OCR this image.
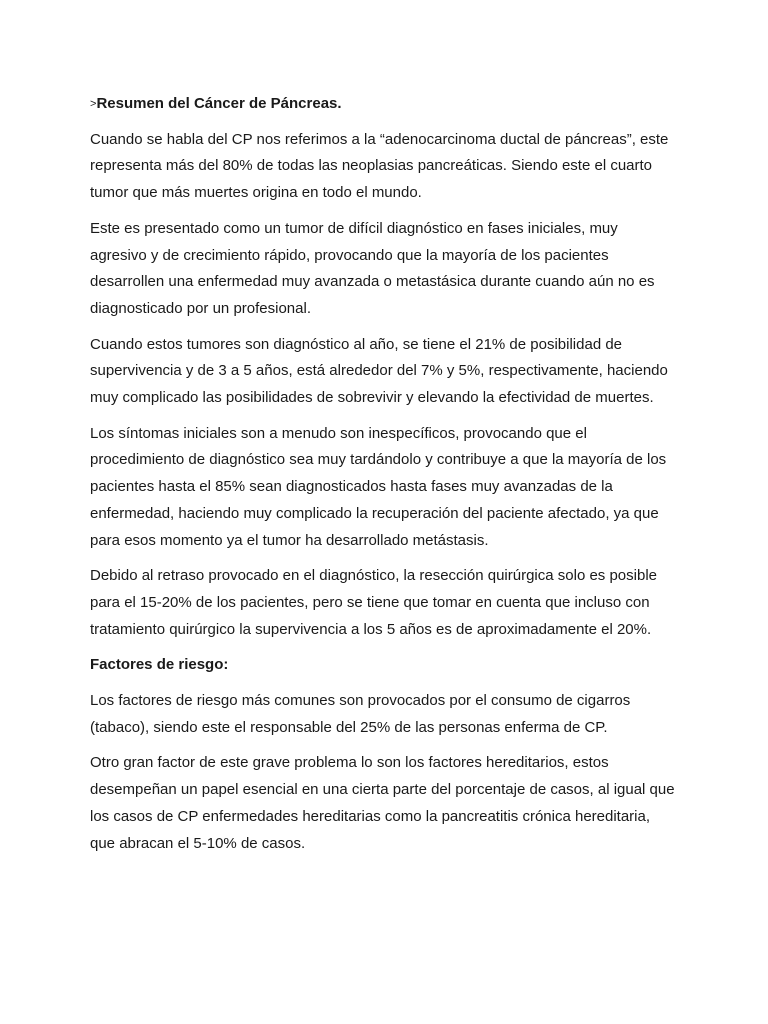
>Resumen del Cáncer de Páncreas.
Cuando se habla del CP nos referimos a la “adenocarcinoma ductal de páncreas”, este
representa más del 80% de todas las neoplasias pancreáticas. Siendo este el cuarto
tumor que más muertes origina en todo el mundo.
Este es presentado como un tumor de difícil diagnóstico en fases iniciales, muy
agresivo y de crecimiento rápido, provocando que la mayoría de los pacientes
desarrollen una enfermedad muy avanzada o metastásica durante cuando aún no es
diagnosticado por un profesional.
Cuando estos tumores son diagnóstico al año, se tiene el 21% de posibilidad de
supervivencia y de 3 a 5 años, está alrededor del 7% y 5%, respectivamente, haciendo
muy complicado las posibilidades de sobrevivir y elevando la efectividad de muertes.
Los síntomas iniciales son a menudo son inespecíficos, provocando que el
procedimiento de diagnóstico sea muy tardándolo y contribuye a que la mayoría de los
pacientes hasta el 85% sean diagnosticados hasta fases muy avanzadas de la
enfermedad, haciendo muy complicado la recuperación del paciente afectado, ya que
para esos momento ya el tumor ha desarrollado metástasis.
Debido al retraso provocado en el diagnóstico, la resección quirúrgica solo es posible
para el 15-20% de los pacientes, pero se tiene que tomar en cuenta que incluso con
tratamiento quirúrgico la supervivencia a los 5 años es de aproximadamente el 20%.
Factores de riesgo:
Los factores de riesgo más comunes son provocados por el consumo de cigarros
(tabaco), siendo este el responsable del 25% de las personas enferma de CP.
Otro gran factor de este grave problema lo son los factores hereditarios, estos
desempeñan un papel esencial en una cierta parte del porcentaje de casos, al igual que
los casos de CP enfermedades hereditarias como la pancreatitis crónica hereditaria,
que abracan el 5-10% de casos.
